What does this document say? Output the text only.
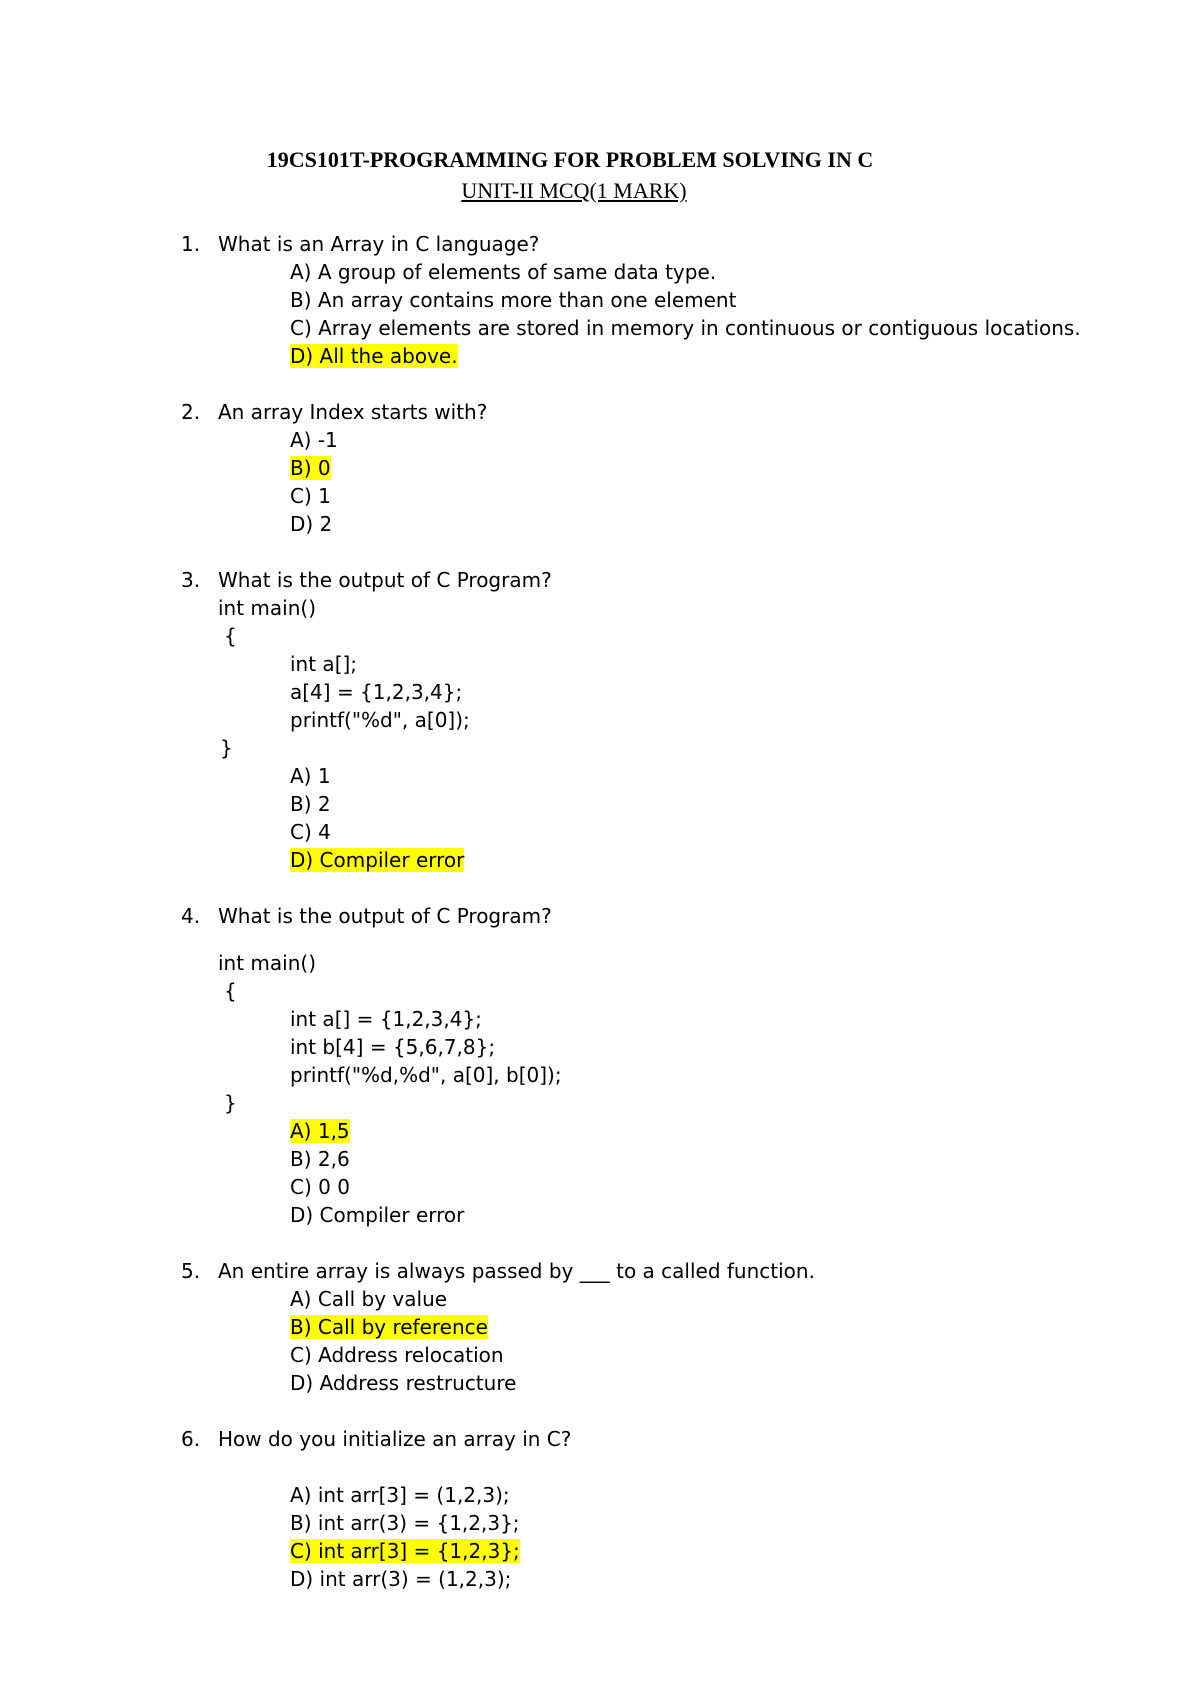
19CS101T-PROGRAMMING FOR PROBLEM SOLVING IN C
UNIT-II MCQ(1 MARK)
1. What is an Array in C language?
A) A group of elements of same data type.
B) An array contains more than one element
C) Array elements are stored in memory in continuous or contiguous locations.
D) All the above.
2. An array Index starts with?
A) -1
B) 0
C) 1
D) 2
3. What is the output of C Program?
int main()
{
int a[];
a[4] = {1,2,3,4};
printf("%d", a[0]);
}
A) 1
B) 2
C) 4
D) Compiler error
4. What is the output of C Program?
int main()
{
int a[] = {1,2,3,4};
int b[4] = {5,6,7,8};
printf("%d,%d", a[0], b[0]);
}
A) 1,5
B) 2,6
C) 0 0
D) Compiler error
5. An entire array is always passed by ___ to a called function.
A) Call by value
B) Call by reference
C) Address relocation
D) Address restructure
6. How do you initialize an array in C?
A) int arr[3] = (1,2,3);
B) int arr(3) = {1,2,3};
C) int arr[3] = {1,2,3};
D) int arr(3) = (1,2,3);
